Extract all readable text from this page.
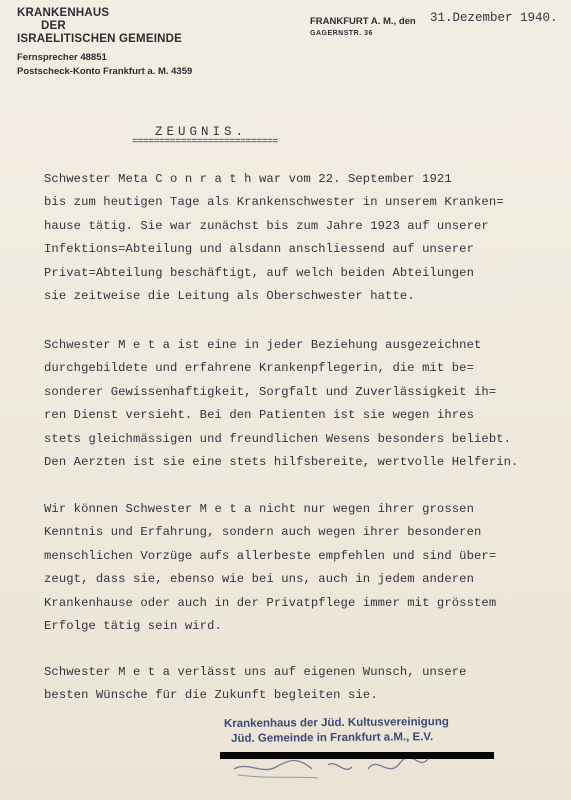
KRANKENHAUS
DER
ISRAELITISCHEN GEMEINDE
Fernsprecher 48851
Postscheck-Konto Frankfurt a. M. 4359
FRANKFURT A. M., den
GAGERNSTR. 36
31.Dezember 1940.
ZEUGNIS.
===========================
Schwester Meta C o n r a t h war vom 22. September 1921
bis zum heutigen Tage als Krankenschwester in unserem Kranken=
hause tätig. Sie war zunächst bis zum Jahre 1923 auf unserer
Infektions=Abteilung und alsdann anschliessend auf unserer
Privat=Abteilung beschäftigt, auf welch beiden Abteilungen
sie zeitweise die Leitung als Oberschwester hatte.
Schwester M e t a ist eine in jeder Beziehung ausgezeichnet
durchgebildete und erfahrene Krankenpflegerin, die mit be=
sonderer Gewissenhaftigkeit, Sorgfalt und Zuverlässigkeit ih=
ren Dienst versieht. Bei den Patienten ist sie wegen ihres
stets gleichmässigen und freundlichen Wesens besonders beliebt.
Den Aerzten ist sie eine stets hilfsbereite, wertvolle Helferin.
Wir können Schwester M e t a nicht nur wegen ihrer grossen
Kenntnis und Erfahrung, sondern auch wegen ihrer besonderen
menschlichen Vorzüge aufs allerbeste empfehlen und sind über=
zeugt, dass sie, ebenso wie bei uns, auch in jedem anderen
Krankenhause oder auch in der Privatpflege immer mit grösstem
Erfolge tätig sein wird.
Schwester M e t a verlässt uns auf eigenen Wunsch, unsere
besten Wünsche für die Zukunft begleiten sie.
Krankenhaus der Jüd. Kultusvereinigung
Jüd. Gemeinde in Frankfurt a.M., E.V.
